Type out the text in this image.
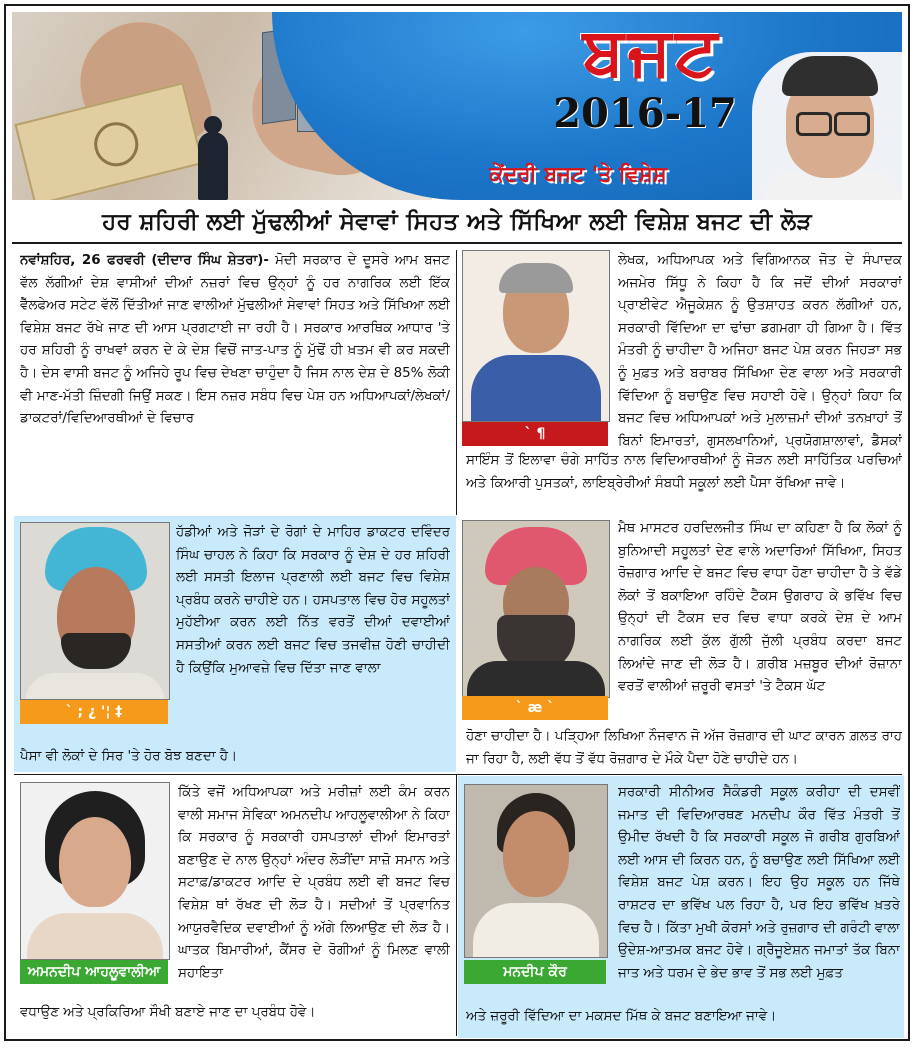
ਬਜਟ
2016-17
ਕੇਂਦਰੀ ਬਜਟ 'ਤੇ ਵਿਸ਼ੇਸ਼
ਹਰ ਸ਼ਹਿਰੀ ਲਈ ਮੁੱਢਲੀਆਂ ਸੇਵਾਵਾਂ ਸਿਹਤ ਅਤੇ ਸਿੱਖਿਆ ਲਈ ਵਿਸ਼ੇਸ਼ ਬਜਟ ਦੀ ਲੋੜ

ਨਵਾਂਸ਼ਹਿਰ, 26 ਫਰਵਰੀ (ਦੀਦਾਰ ਸਿੰਘ ਸ਼ੇਤਰਾ)- ਮੋਦੀ ਸਰਕਾਰ ਦੇ ਦੂਸਰੇ ਆਮ ਬਜਟ ਵੱਲ ਲੱਗੀਆਂ ਦੇਸ਼ ਵਾਸੀਆਂ ਦੀਆਂ ਨਜ਼ਰਾਂ ਵਿਚ ਉਨ੍ਹਾਂ ਨੂੰ ਹਰ ਨਾਗਰਿਕ ਲਈ ਇੱਕ ਵੈੱਲਫੇਅਰ ਸਟੇਟ ਵੱਲੋਂ ਦਿੱਤੀਆਂ ਜਾਣ ਵਾਲੀਆਂ ਮੁੱਢਲੀਆਂ ਸੇਵਾਵਾਂ ਸਿਹਤ ਅਤੇ ਸਿੱਖਿਆ ਲਈ ਵਿਸ਼ੇਸ਼ ਬਜਟ ਰੱਖੇ ਜਾਣ ਦੀ ਆਸ ਪ੍ਰਗਟਾਈ ਜਾ ਰਹੀ ਹੈ। ਸਰਕਾਰ ਆਰਥਿਕ ਆਧਾਰ 'ਤੇ ਹਰ ਸ਼ਹਿਰੀ ਨੂੰ ਰਾਖਵਾਂ ਕਰਨ ਦੇ ਕੇ ਦੇਸ਼ ਵਿਚੋਂ ਜਾਤ-ਪਾਤ ਨੂੰ ਮੁੱਢੋਂ ਹੀ ਖ਼ਤਮ ਵੀ ਕਰ ਸਕਦੀ ਹੈ। ਦੇਸ ਵਾਸੀ ਬਜਟ ਨੂੰ ਅਜਿਹੇ ਰੂਪ ਵਿਚ ਦੇਖਣਾ ਚਾਹੁੰਦਾ ਹੈ ਜਿਸ ਨਾਲ ਦੇਸ਼ ਦੇ 85% ਲੋਕੀ ਵੀ ਮਾਣ-ਮੱਤੀ ਜ਼ਿੰਦਗੀ ਜਿਉਂ ਸਕਣ। ਇਸ ਨਜ਼ਰ ਸਬੰਧ ਵਿਚ ਪੇਸ਼ ਹਨ ਅਧਿਆਪਕਾਂ/ਲੇਖਕਾਂ/ ਡਾਕਟਰਾਂ/ਵਿਦਿਆਰਥੀਆਂ ਦੇ ਵਿਚਾਰ

` ¶

ਲੇਖਕ, ਅਧਿਆਪਕ ਅਤੇ ਵਿਗਿਆਨਕ ਜੋਤ ਦੇ ਸੰਪਾਦਕ ਅਜਮੇਰ ਸਿੱਧੂ ਨੇ ਕਿਹਾ ਹੈ ਕਿ ਜਦੋਂ ਦੀਆਂ ਸਰਕਾਰਾਂ ਪ੍ਰਾਈਵੇਟ ਐਜੂਕੇਸ਼ਨ ਨੂੰ ਉਤਸ਼ਾਹਤ ਕਰਨ ਲੱਗੀਆਂ ਹਨ, ਸਰਕਾਰੀ ਵਿੱਦਿਆ ਦਾ ਢਾਂਚਾ ਡਗਮਗਾ ਹੀ ਗਿਆ ਹੈ। ਵਿੱਤ ਮੰਤਰੀ ਨੂੰ ਚਾਹੀਦਾ ਹੈ ਅਜਿਹਾ ਬਜਟ ਪੇਸ਼ ਕਰਨ ਜਿਹੜਾ ਸਭ ਨੂੰ ਮੁਫ਼ਤ ਅਤੇ ਬਰਾਬਰ ਸਿੱਖਿਆ ਦੇਣ ਵਾਲਾ ਅਤੇ ਸਰਕਾਰੀ ਵਿੱਦਿਆ ਨੂੰ ਬਚਾਉਣ ਵਿਚ ਸਹਾਈ ਹੋਵੇ। ਉਨ੍ਹਾਂ ਕਿਹਾ ਕਿ ਬਜਟ ਵਿਚ ਅਧਿਆਪਕਾਂ ਅਤੇ ਮੁਲਾਜ਼ਮਾਂ ਦੀਆਂ ਤਨਖ਼ਾਹਾਂ ਤੋਂ ਬਿਨਾਂ ਇਮਾਰਤਾਂ, ਗੁਸਲਖਾਨਿਆਂ, ਪ੍ਰਯੋਗਸ਼ਾਲਾਵਾਂ, ਡੈਸਕਾਂ

ਸਾਇੰਸ ਤੋਂ ਇਲਾਵਾ ਚੰਗੇ ਸਾਹਿੱਤ ਨਾਲ ਵਿਦਿਆਰਥੀਆਂ ਨੂੰ ਜੋੜਨ ਲਈ ਸਾਹਿੱਤਿਕ ਪਰਚਿਆਂ ਅਤੇ ਕਿਆਰੀ ਪੁਸਤਕਾਂ, ਲਾਇਬ੍ਰੇਰੀਆਂ ਸੰਬਧੀ ਸਕੂਲਾਂ ਲਈ ਪੈਸਾ ਰੱਖਿਆ ਜਾਵੇ।

` ; ¿ '¦ ‡

ਹੱਡੀਆਂ ਅਤੇ ਜੋੜਾਂ ਦੇ ਰੋਗਾਂ ਦੇ ਮਾਹਿਰ ਡਾਕਟਰ ਦਵਿੰਦਰ ਸਿੰਘ ਚਾਹਲ ਨੇ ਕਿਹਾ ਕਿ ਸਰਕਾਰ ਨੂੰ ਦੇਸ਼ ਦੇ ਹਰ ਸ਼ਹਿਰੀ ਲਈ ਸਸਤੀ ਇਲਾਜ ਪ੍ਰਣਾਲੀ ਲਈ ਬਜਟ ਵਿਚ ਵਿਸ਼ੇਸ਼ ਪ੍ਰਬੰਧ ਕਰਨੇ ਚਾਹੀਏ ਹਨ। ਹਸਪਤਾਲ ਵਿਚ ਹੋਰ ਸਹੂਲਤਾਂ ਮੁਹੱਈਆ ਕਰਨ ਲਈ ਨਿੱਤ ਵਰਤੋਂ ਦੀਆਂ ਦਵਾਈਆਂ ਸਸਤੀਆਂ ਕਰਨ ਲਈ ਬਜਟ ਵਿਚ ਤਜਵੀਜ਼ ਹੋਣੀ ਚਾਹੀਦੀ ਹੈ ਕਿਉਂਕਿ ਮੁਆਵਜ਼ੇ ਵਿਚ ਦਿੱਤਾ ਜਾਣ ਵਾਲਾ

ਪੈਸਾ ਵੀ ਲੋਕਾਂ ਦੇ ਸਿਰ 'ਤੇ ਹੋਰ ਬੋਝ ਬਣਦਾ ਹੈ।

` æ `

ਮੈਥ ਮਾਸਟਰ ਹਰਦਿਲਜੀਤ ਸਿੰਘ ਦਾ ਕਹਿਣਾ ਹੈ ਕਿ ਲੋਕਾਂ ਨੂੰ ਬੁਨਿਆਦੀ ਸਹੂਲਤਾਂ ਦੇਣ ਵਾਲੇ ਅਦਾਰਿਆਂ ਸਿੱਖਿਆ, ਸਿਹਤ ਰੋਜ਼ਗਾਰ ਆਦਿ ਦੇ ਬਜਟ ਵਿਚ ਵਾਧਾ ਹੋਣਾ ਚਾਹੀਦਾ ਹੈ ਤੇ ਵੱਡੇ ਲੋਕਾਂ ਤੋਂ ਬਕਾਇਆ ਰਹਿੰਦੇ ਟੈਕਸ ਉਗਰਾਹ ਕੇ ਭਵਿੱਖ ਵਿਚ ਉਨ੍ਹਾਂ ਦੀ ਟੈਕਸ ਦਰ ਵਿਚ ਵਾਧਾ ਕਰਕੇ ਦੇਸ਼ ਦੇ ਆਮ ਨਾਗਰਿਕ ਲਈ ਕੁੱਲ ਗੁੱਲੀ ਜੁੱਲੀ ਪ੍ਰਬੰਧ ਕਰਦਾ ਬਜਟ ਲਿਆਂਦੇ ਜਾਣ ਦੀ ਲੋੜ ਹੈ। ਗ਼ਰੀਬ ਮਜ਼ਬੂਰ ਦੀਆਂ ਰੋਜ਼ਾਨਾ ਵਰਤੋਂ ਵਾਲੀਆਂ ਜ਼ਰੂਰੀ ਵਸਤਾਂ 'ਤੇ ਟੈਕਸ ਘੱਟ

ਹੋਣਾ ਚਾਹੀਦਾ ਹੈ। ਪੜ੍ਹਿਆ ਲਿਖਿਆ ਨੌਜਵਾਨ ਜੋ ਅੱਜ ਰੋਜ਼ਗਾਰ ਦੀ ਘਾਟ ਕਾਰਨ ਗ਼ਲਤ ਰਾਹ ਜਾ ਰਿਹਾ ਹੈ, ਲਈ ਵੱਧ ਤੋਂ ਵੱਧ ਰੋਜ਼ਗਾਰ ਦੇ ਮੌਕੇ ਪੈਦਾ ਹੋਣੇ ਚਾਹੀਦੇ ਹਨ।

ਅਮਨਦੀਪ ਆਹਲੂਵਾਲੀਆ

ਕਿੱਤੇ ਵਜੋਂ ਅਧਿਆਪਕਾ ਅਤੇ ਮਰੀਜ਼ਾਂ ਲਈ ਕੰਮ ਕਰਨ ਵਾਲੀ ਸਮਾਜ ਸੇਵਿਕਾ ਅਮਨਦੀਪ ਆਹਲੂਵਾਲੀਆ ਨੇ ਕਿਹਾ ਕਿ ਸਰਕਾਰ ਨੂੰ ਸਰਕਾਰੀ ਹਸਪਤਾਲਾਂ ਦੀਆਂ ਇਮਾਰਤਾਂ ਬਣਾਉਣ ਦੇ ਨਾਲ ਉਨ੍ਹਾਂ ਅੰਦਰ ਲੋੜੀਂਦਾ ਸਾਜ਼ੋ ਸਮਾਨ ਅਤੇ ਸਟਾਫ਼/ਡਾਕਟਰ ਆਦਿ ਦੇ ਪ੍ਰਬੰਧ ਲਈ ਵੀ ਬਜਟ ਵਿਚ ਵਿਸ਼ੇਸ਼ ਥਾਂ ਰੱਖਣ ਦੀ ਲੋੜ ਹੈ। ਸਦੀਆਂ ਤੋਂ ਪ੍ਰਵਾਨਿਤ ਆਯੁਰਵੈਦਿਕ ਦਵਾਈਆਂ ਨੂੰ ਅੱਗੇ ਲਿਆਉਣ ਦੀ ਲੋੜ ਹੈ। ਘਾਤਕ ਬਿਮਾਰੀਆਂ, ਕੈਂਸਰ ਦੇ ਰੋਗੀਆਂ ਨੂੰ ਮਿਲਣ ਵਾਲੀ ਸਹਾਇਤਾ

ਵਧਾਉਣ ਅਤੇ ਪ੍ਰਕਿਰਿਆ ਸੌਖੀ ਬਣਾਏ ਜਾਣ ਦਾ ਪ੍ਰਬੰਧ ਹੋਵੇ।

ਮਨਦੀਪ ਕੌਰ

ਸਰਕਾਰੀ ਸੀਨੀਅਰ ਸੈਕੰਡਰੀ ਸਕੂਲ ਕਰੀਹਾ ਦੀ ਦਸਵੀਂ ਜਮਾਤ ਦੀ ਵਿਦਿਆਰਥਣ ਮਨਦੀਪ ਕੌਰ ਵਿੱਤ ਮੰਤਰੀ ਤੋਂ ਉਮੀਦ ਰੱਖਦੀ ਹੈ ਕਿ ਸਰਕਾਰੀ ਸਕੂਲ ਜੋ ਗਰੀਬ ਗੁਰਬਿਆਂ ਲਈ ਆਸ ਦੀ ਕਿਰਨ ਹਨ, ਨੂੰ ਬਚਾਉਣ ਲਈ ਸਿੱਖਿਆ ਲਈ ਵਿਸ਼ੇਸ਼ ਬਜਟ ਪੇਸ਼ ਕਰਨ। ਇਹ ਉਹ ਸਕੂਲ ਹਨ ਜਿੱਥੇ ਰਾਸ਼ਟਰ ਦਾ ਭਵਿੱਖ ਪਲ ਰਿਹਾ ਹੈ, ਪਰ ਇਹ ਭਵਿੱਖ ਖ਼ਤਰੇ ਵਿਚ ਹੈ। ਕਿੱਤਾ ਮੁਖੀ ਕੋਰਸਾਂ ਅਤੇ ਰੁਜ਼ਗਾਰ ਦੀ ਗਰੰਟੀ ਵਾਲਾ ਉਦੇਸ਼-ਆਤਮਕ ਬਜਟ ਹੋਵੇ। ਗ੍ਰੈਜੂਏਸ਼ਨ ਜਮਾਤਾਂ ਤੱਕ ਬਿਨਾ ਜਾਤ ਅਤੇ ਧਰਮ ਦੇ ਭੇਦ ਭਾਵ ਤੋਂ ਸਭ ਲਈ ਮੁਫ਼ਤ

ਅਤੇ ਜ਼ਰੂਰੀ ਵਿੱਦਿਆ ਦਾ ਮਕਸਦ ਮਿੱਥ ਕੇ ਬਜਟ ਬਣਾਇਆ ਜਾਵੇ।
